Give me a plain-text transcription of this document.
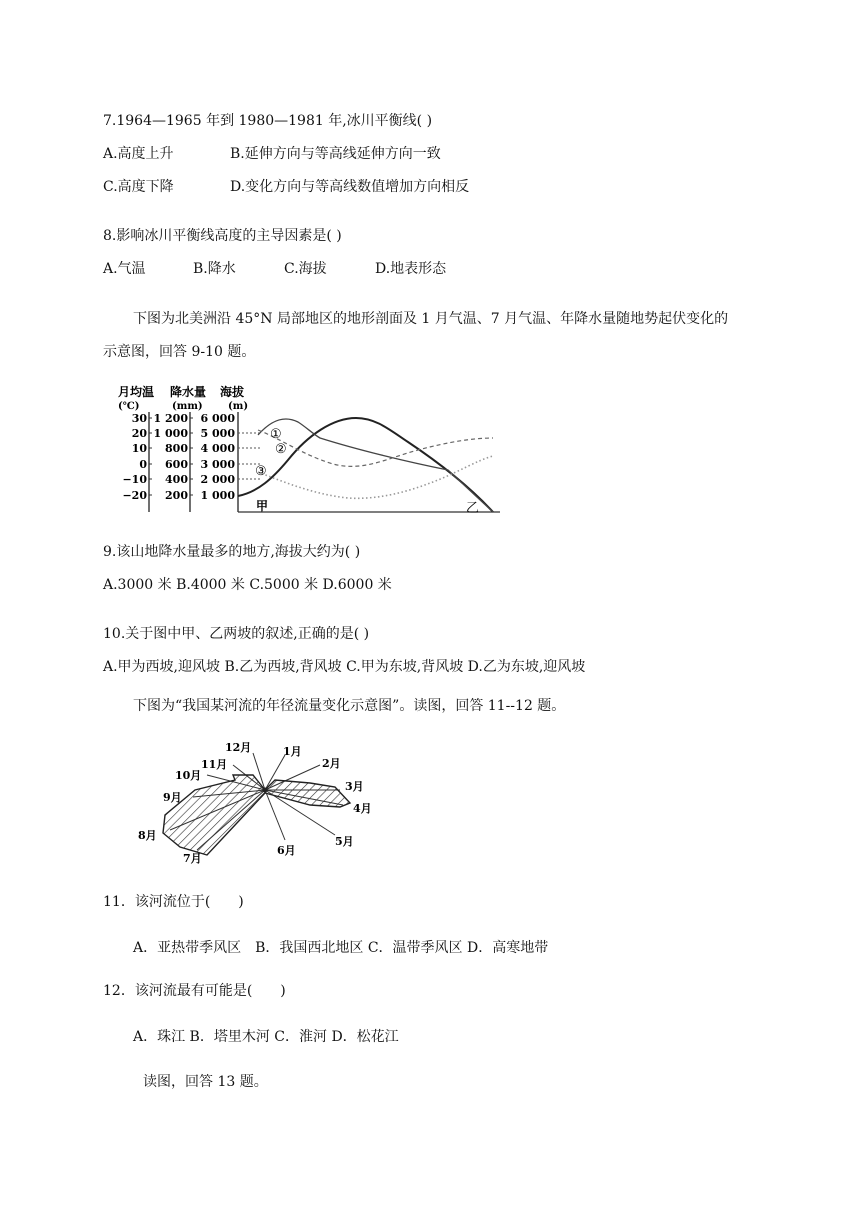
7.1964—1965 年到 1980—1981 年,冰川平衡线( )
A.高度上升	B.延伸方向与等高线延伸方向一致
C.高度下降	D.变化方向与等高线数值增加方向相反
8.影响冰川平衡线高度的主导因素是( )
A.气温	B.降水	C.海拔	D.地表形态
下图为北美洲沿 45°N 局部地区的地形剖面及 1 月气温、7 月气温、年降水量随地势起伏变化的
示意图，回答 9-10 题。
月均温 降水量 海拔
(℃)	(mm)	(m)
30
20
10
0
−10
−20
1 200
1 000
800
600
400
200
6 000
5 000
4 000
3 000
2 000
1 000
①
②
③
甲	乙
9.该山地降水量最多的地方,海拔大约为( )
A.3000 米 B.4000 米 C.5000 米 D.6000 米
10.关于图中甲、乙两坡的叙述,正确的是( )
A.甲为西坡,迎风坡 B.乙为西坡,背风坡 C.甲为东坡,背风坡 D.乙为东坡,迎风坡
下图为“我国某河流的年径流量变化示意图”。读图，回答 11--12 题。
1月
2月
3月
4月
5月
6月
7月
8月
9月
10月
11月
12月
11．该河流位于(　　)
A．亚热带季风区　B．我国西北地区 C．温带季风区 D．高寒地带
12．该河流最有可能是(　　)
A．珠江 B．塔里木河 C．淮河 D．松花江
读图，回答 13 题。
